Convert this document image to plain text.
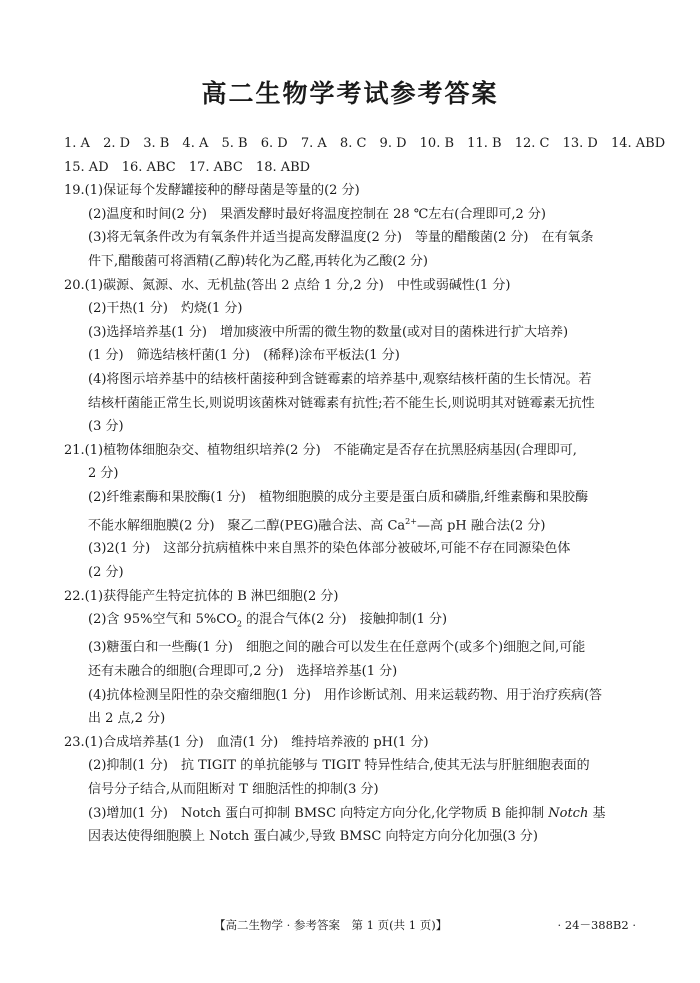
高二生物学考试参考答案
1. A 2. D 3. B 4. A 5. B 6. D 7. A 8. C 9. D 10. B 11. B 12. C 13. D 14. ABD
15. AD 16. ABC 17. ABC 18. ABD
19.(1)保证每个发酵罐接种的酵母菌是等量的(2 分)
(2)温度和时间(2 分)　果酒发酵时最好将温度控制在 28 ℃左右(合理即可,2 分)
(3)将无氧条件改为有氧条件并适当提高发酵温度(2 分)　等量的醋酸菌(2 分)　在有氧条
件下,醋酸菌可将酒精(乙醇)转化为乙醛,再转化为乙酸(2 分)
20.(1)碳源、氮源、水、无机盐(答出 2 点给 1 分,2 分)　中性或弱碱性(1 分)
(2)干热(1 分)　灼烧(1 分)
(3)选择培养基(1 分)　增加痰液中所需的微生物的数量(或对目的菌株进行扩大培养)
(1 分)　筛选结核杆菌(1 分)　(稀释)涂布平板法(1 分)
(4)将图示培养基中的结核杆菌接种到含链霉素的培养基中,观察结核杆菌的生长情况。若
结核杆菌能正常生长,则说明该菌株对链霉素有抗性;若不能生长,则说明其对链霉素无抗性
(3 分)
21.(1)植物体细胞杂交、植物组织培养(2 分)　不能确定是否存在抗黑胫病基因(合理即可,
2 分)
(2)纤维素酶和果胶酶(1 分)　植物细胞膜的成分主要是蛋白质和磷脂,纤维素酶和果胶酶
不能水解细胞膜(2 分)　聚乙二醇(PEG)融合法、高 $Ca^{2+}—$高 pH 融合法(2 分)
(3)2(1 分)　这部分抗病植株中来自黑芥的染色体部分被破坏,可能不存在同源染色体
(2 分)
22.(1)获得能产生特定抗体的 B 淋巴细胞(2 分)
(2)含 95%空气和 $5\%CO_2$ 的混合气体(2 分)　接触抑制(1 分)
(3)糖蛋白和一些酶(1 分)　细胞之间的融合可以发生在任意两个(或多个)细胞之间,可能
还有未融合的细胞(合理即可,2 分)　选择培养基(1 分)
(4)抗体检测呈阳性的杂交瘤细胞(1 分)　用作诊断试剂、用来运载药物、用于治疗疾病(答
出 2 点,2 分)
23.(1)合成培养基(1 分)　血清(1 分)　维持培养液的 pH(1 分)
(2)抑制(1 分)　抗 TIGIT 的单抗能够与 TIGIT 特异性结合,使其无法与肝脏细胞表面的
信号分子结合,从而阻断对 T 细胞活性的抑制(3 分)
(3)增加(1 分)　Notch 蛋白可抑制 BMSC 向特定方向分化,化学物质 B 能抑制 Notch 基
因表达使得细胞膜上 Notch 蛋白减少,导致 BMSC 向特定方向分化加强(3 分)
【高二生物学 · 参考答案　第 1 页(共 1 页)】	· 24－388B2 ·
